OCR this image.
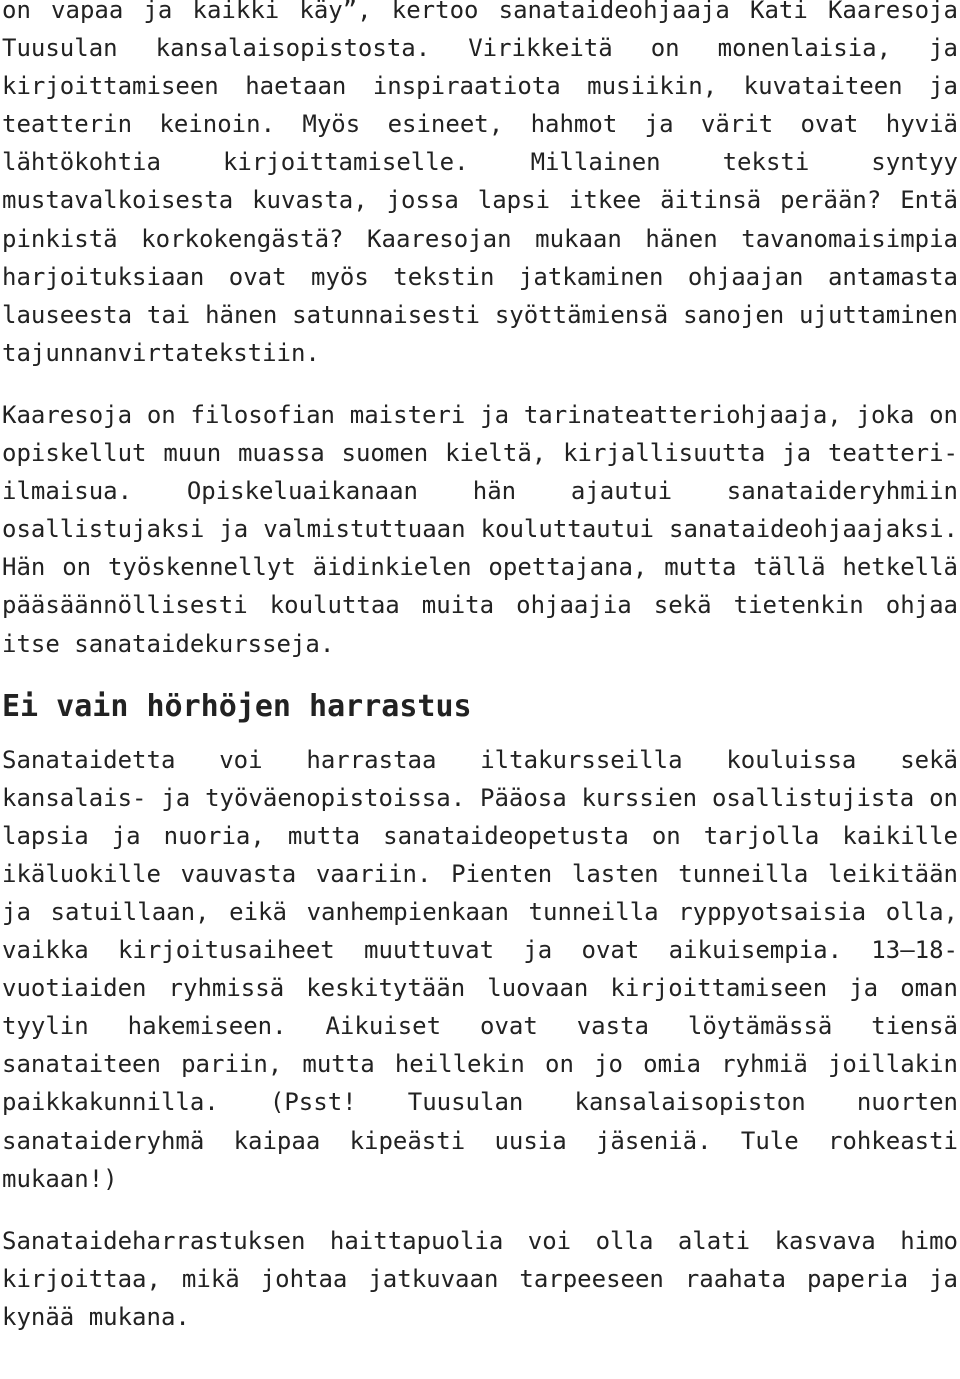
on vapaa ja kaikki käy”, kertoo sanataideohjaaja Kati Kaaresoja Tuusulan kansalaisopistosta. Virikkeitä on monenlaisia, ja kirjoittamiseen haetaan inspiraatiota musiikin, kuvataiteen ja teatterin keinoin. Myös esineet, hahmot ja värit ovat hyviä lähtökohtia kirjoittamiselle. Millainen teksti syntyy mustavalkoisesta kuvasta, jossa lapsi itkee äitinsä perään? Entä pinkistä korkokengästä? Kaaresojan mukaan hänen tavanomaisimpia harjoituksiaan ovat myös tekstin jatkaminen ohjaajan antamasta lauseesta tai hänen satunnaisesti syöttämiensä sanojen ujuttaminen tajunnanvirtatekstiin.

Kaaresoja on filosofian maisteri ja tarinateatteriohjaaja, joka on opiskellut muun muassa suomen kieltä, kirjallisuutta ja teatteri-ilmaisua. Opiskeluaikanaan hän ajautui sanataideryhmiin osallistujaksi ja valmistuttuaan kouluttautui sanataideohjaajaksi. Hän on työskennellyt äidinkielen opettajana, mutta tällä hetkellä pääsäännöllisesti kouluttaa muita ohjaajia sekä tietenkin ohjaa itse sanataidekursseja.

Ei vain hörhöjen harrastus

Sanataidetta voi harrastaa iltakursseilla kouluissa sekä kansalais- ja työväenopistoissa. Pääosa kurssien osallistujista on lapsia ja nuoria, mutta sanataideopetusta on tarjolla kaikille ikäluokille vauvasta vaariin. Pienten lasten tunneilla leikitään ja satuillaan, eikä vanhempienkaan tunneilla ryppyotsaisia olla, vaikka kirjoitusaiheet muuttuvat ja ovat aikuisempia. 13–18-vuotiaiden ryhmissä keskitytään luovaan kirjoittamiseen ja oman tyylin hakemiseen. Aikuiset ovat vasta löytämässä tiensä sanataiteen pariin, mutta heillekin on jo omia ryhmiä joillakin paikkakunnilla. (Psst! Tuusulan kansalaisopiston nuorten sanataideryhmä kaipaa kipeästi uusia jäseniä. Tule rohkeasti mukaan!)

Sanataideharrastuksen haittapuolia voi olla alati kasvava himo kirjoittaa, mikä johtaa jatkuvaan tarpeeseen raahata paperia ja kynää mukana.
